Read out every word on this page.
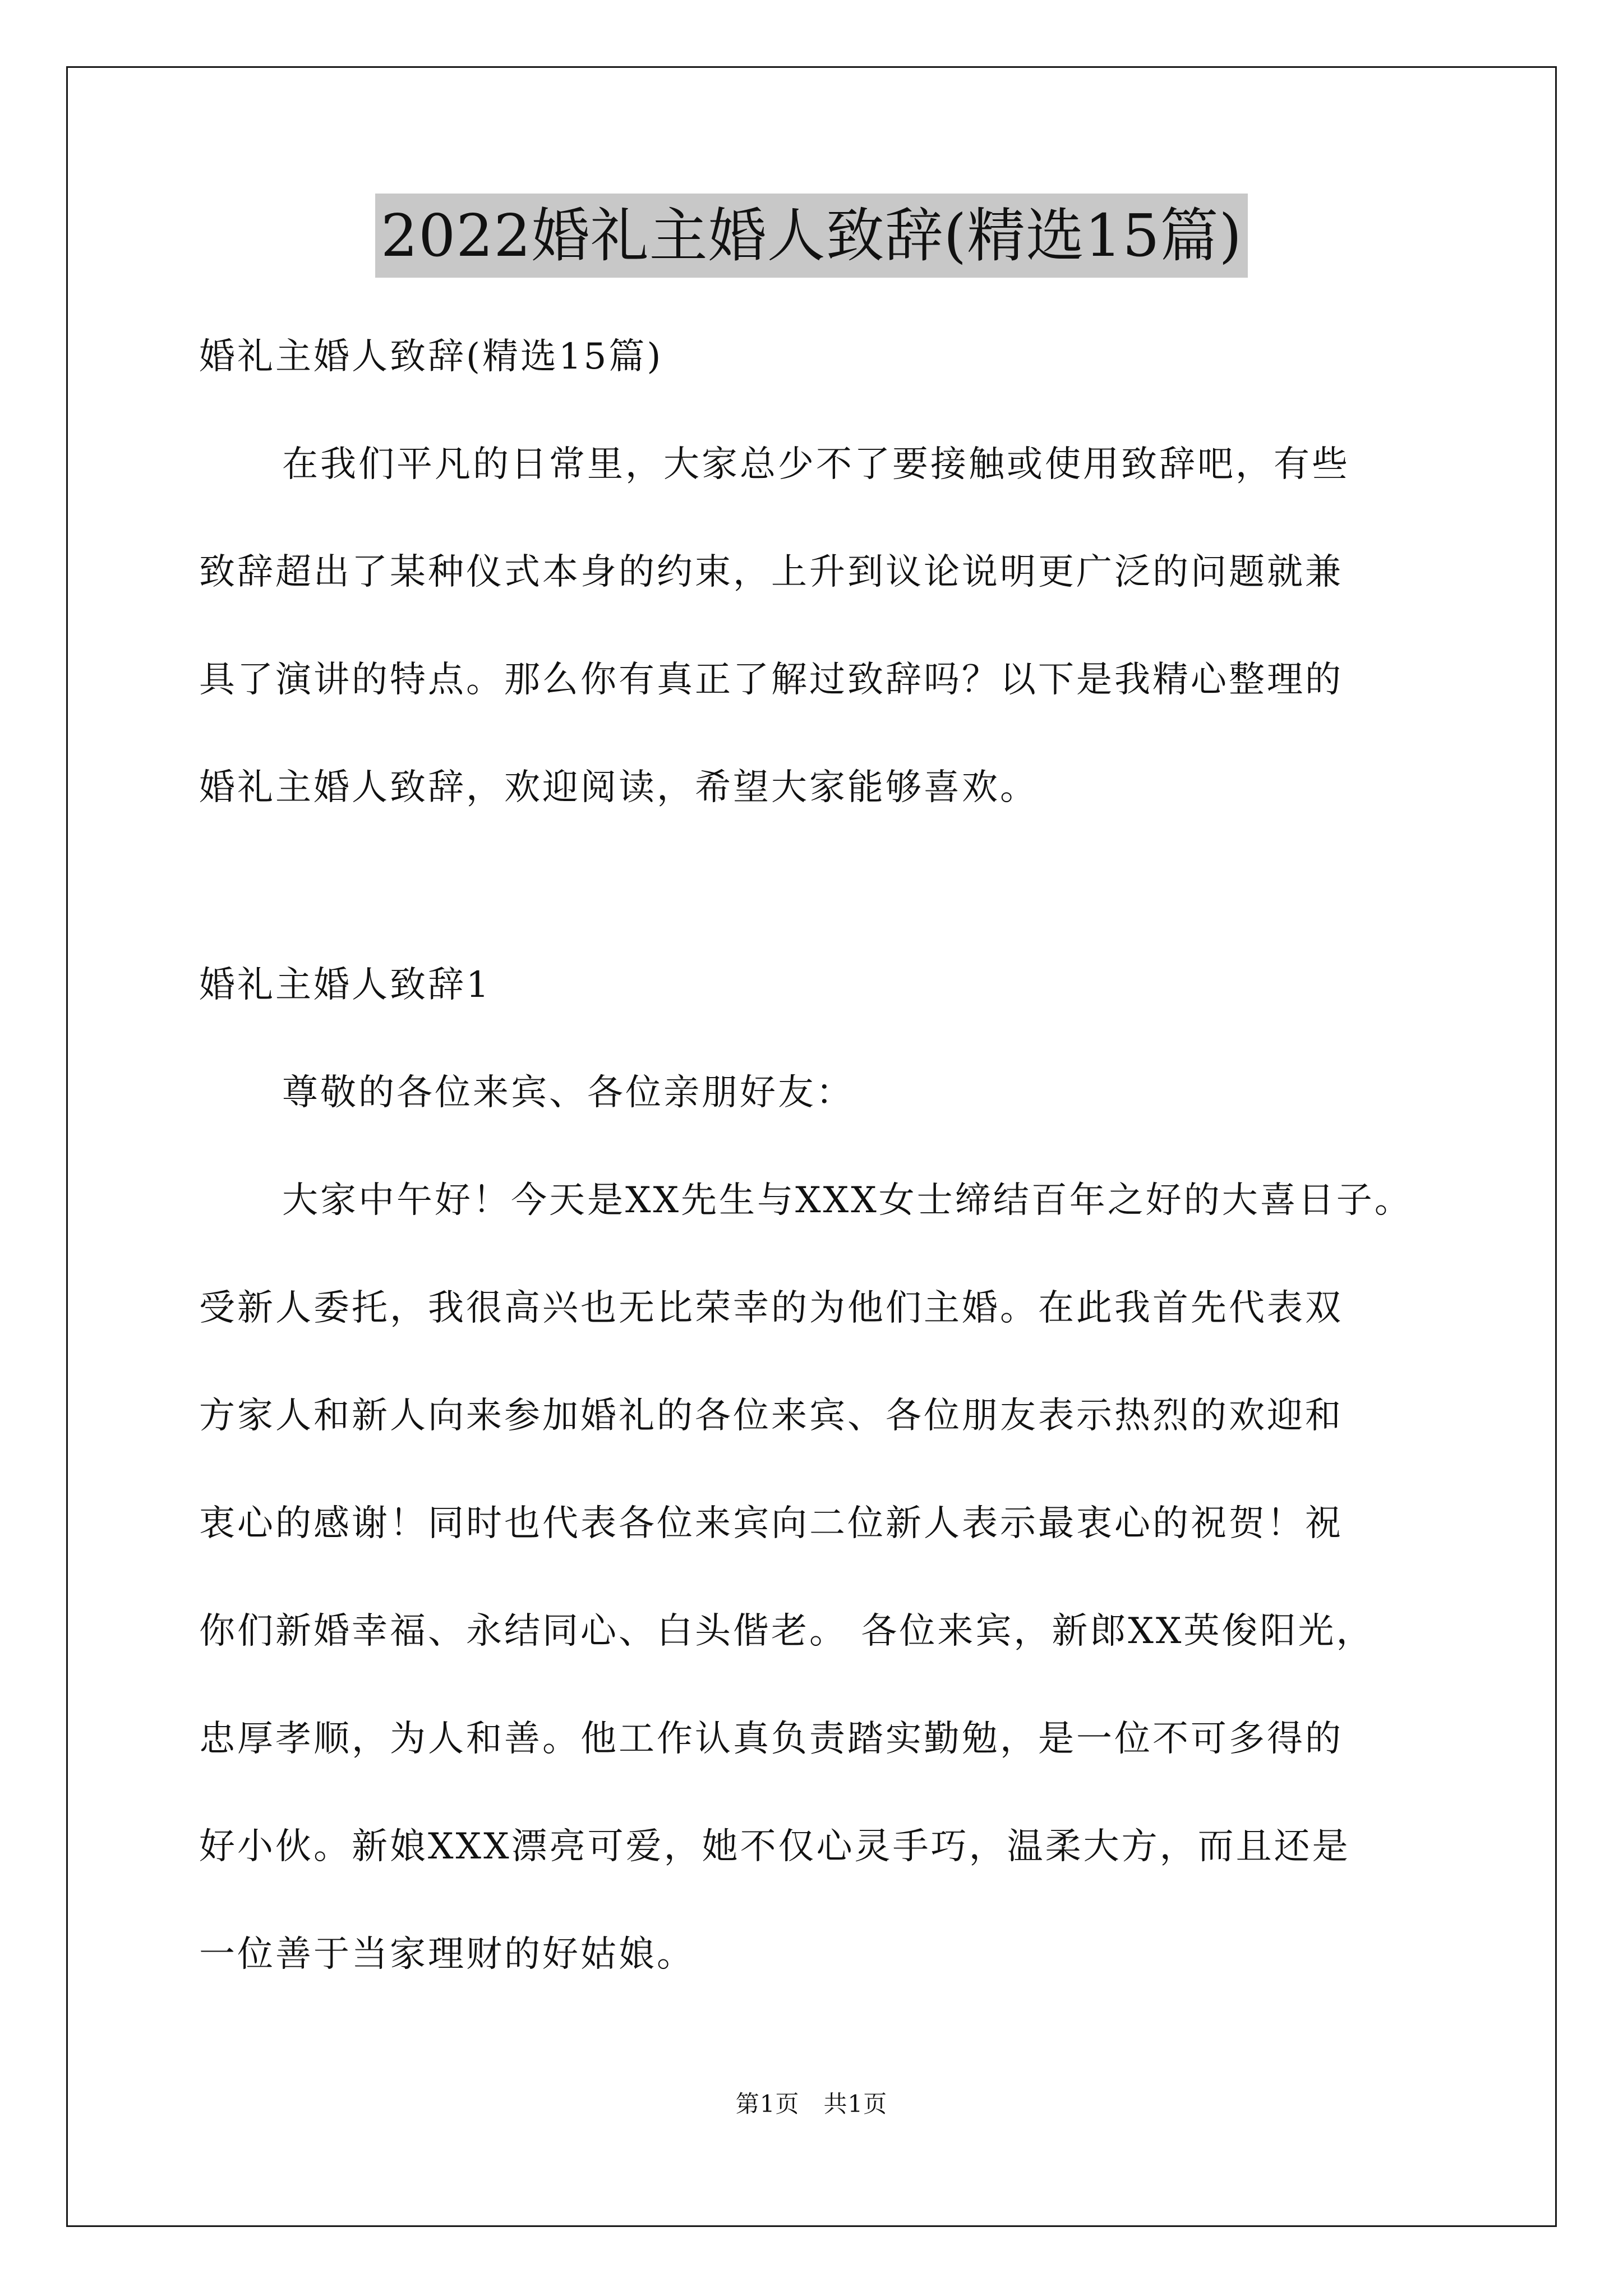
2022婚礼主婚人致辞(精选15篇)
婚礼主婚人致辞(精选15篇)
在我们平凡的日常里，大家总少不了要接触或使用致辞吧，有些
致辞超出了某种仪式本身的约束，上升到议论说明更广泛的问题就兼
具了演讲的特点。那么你有真正了解过致辞吗？以下是我精心整理的
婚礼主婚人致辞，欢迎阅读，希望大家能够喜欢。
婚礼主婚人致辞1
尊敬的各位来宾、各位亲朋好友：
大家中午好！今天是XX先生与XXX女士缔结百年之好的大喜日子。
受新人委托，我很高兴也无比荣幸的为他们主婚。在此我首先代表双
方家人和新人向来参加婚礼的各位来宾、各位朋友表示热烈的欢迎和
衷心的感谢！同时也代表各位来宾向二位新人表示最衷心的祝贺！祝
你们新婚幸福、永结同心、白头偕老。 各位来宾，新郎XX英俊阳光，
忠厚孝顺，为人和善。他工作认真负责踏实勤勉，是一位不可多得的
好小伙。新娘XXX漂亮可爱，她不仅心灵手巧，温柔大方，而且还是
一位善于当家理财的好姑娘。
第1页　共1页
